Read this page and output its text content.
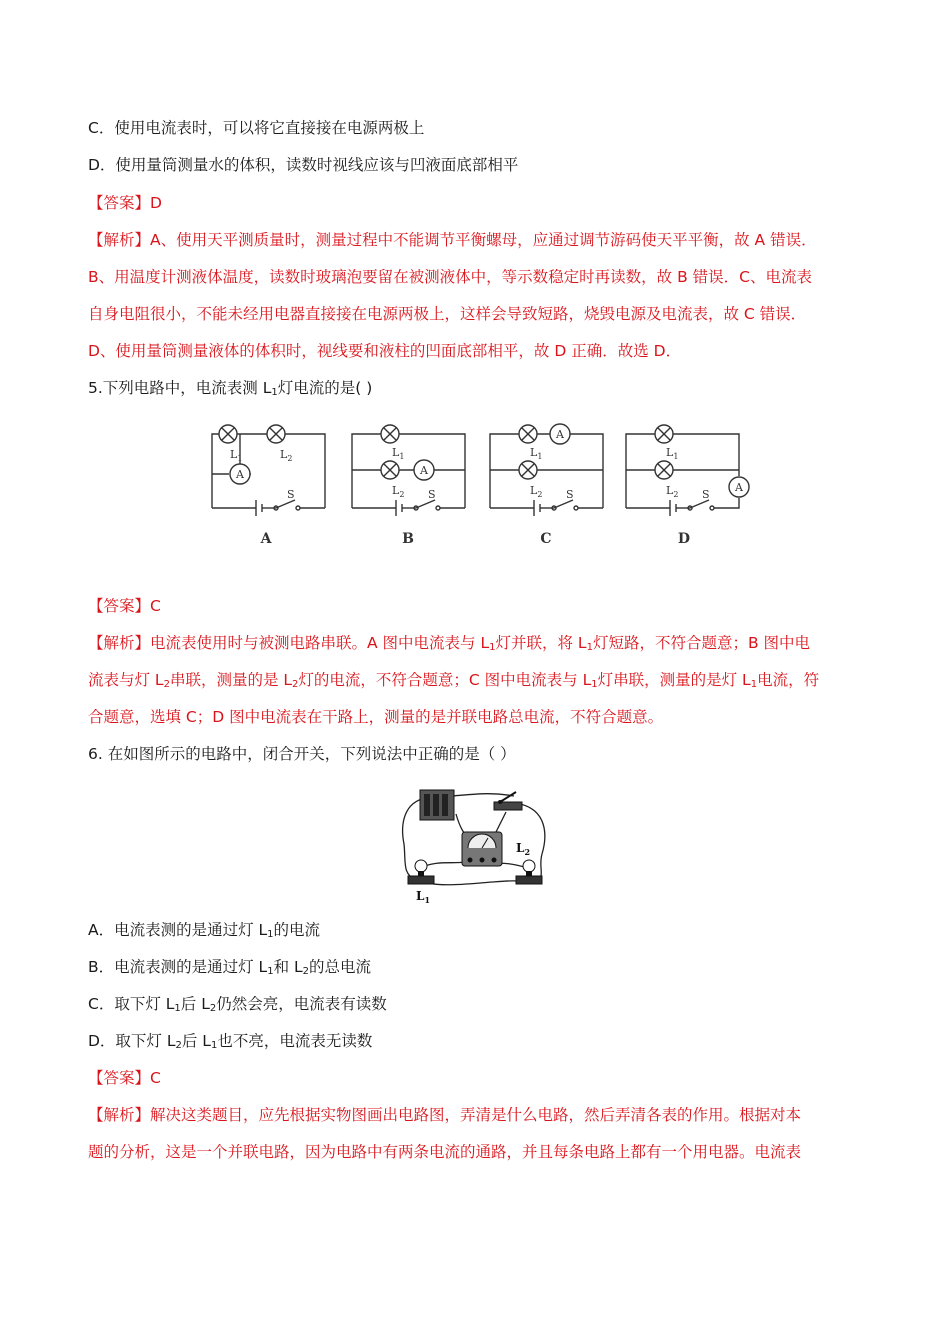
C．使用电流表时，可以将它直接接在电源两极上
D．使用量筒测量水的体积，读数时视线应该与凹液面底部相平
【答案】D
【解析】A、使用天平测质量时，测量过程中不能调节平衡螺母，应通过调节游码使天平平衡，故 A 错误．
B、用温度计测液体温度，读数时玻璃泡要留在被测液体中，等示数稳定时再读数，故 B 错误．C、电流表
自身电阻很小，不能未经用电器直接接在电源两极上，这样会导致短路，烧毁电源及电流表，故 C 错误．
D、使用量筒测量液体的体积时，视线要和液柱的凹面底部相平，故 D 正确．故选 D．
5.下列电路中，电流表测 $L_1$灯电流的是( )
A
$L_1$	$L_2$
S
A
$L_1$
$L_2$ S
A
$L_1$
$L_2$ S
A
$L_1$
$L_2$ S
A	B	C	D
【答案】C
【解析】电流表使用时与被测电路串联。A 图中电流表与 $L_1$灯并联，将 $L_1$灯短路，不符合题意；B 图中电
流表与灯 $L_2$串联，测量的是 $L_2$灯的电流，不符合题意；C 图中电流表与 $L_1$灯串联，测量的是灯 $L_1$电流，符
合题意，选填 C；D 图中电流表在干路上，测量的是并联电路总电流，不符合题意。
6. 在如图所示的电路中，闭合开关，下列说法中正确的是（ ）
$L_1$
$L_2$
A．电流表测的是通过灯 $L_1$的电流
B．电流表测的是通过灯 $L_1$和 $L_2$的总电流
C．取下灯 $L_1$后 $L_2$仍然会亮，电流表有读数
D．取下灯 $L_2$后 $L_1$也不亮，电流表无读数
【答案】C
【解析】解决这类题目，应先根据实物图画出电路图，弄清是什么电路，然后弄清各表的作用。根据对本
题的分析，这是一个并联电路，因为电路中有两条电流的通路，并且每条电路上都有一个用电器。电流表
